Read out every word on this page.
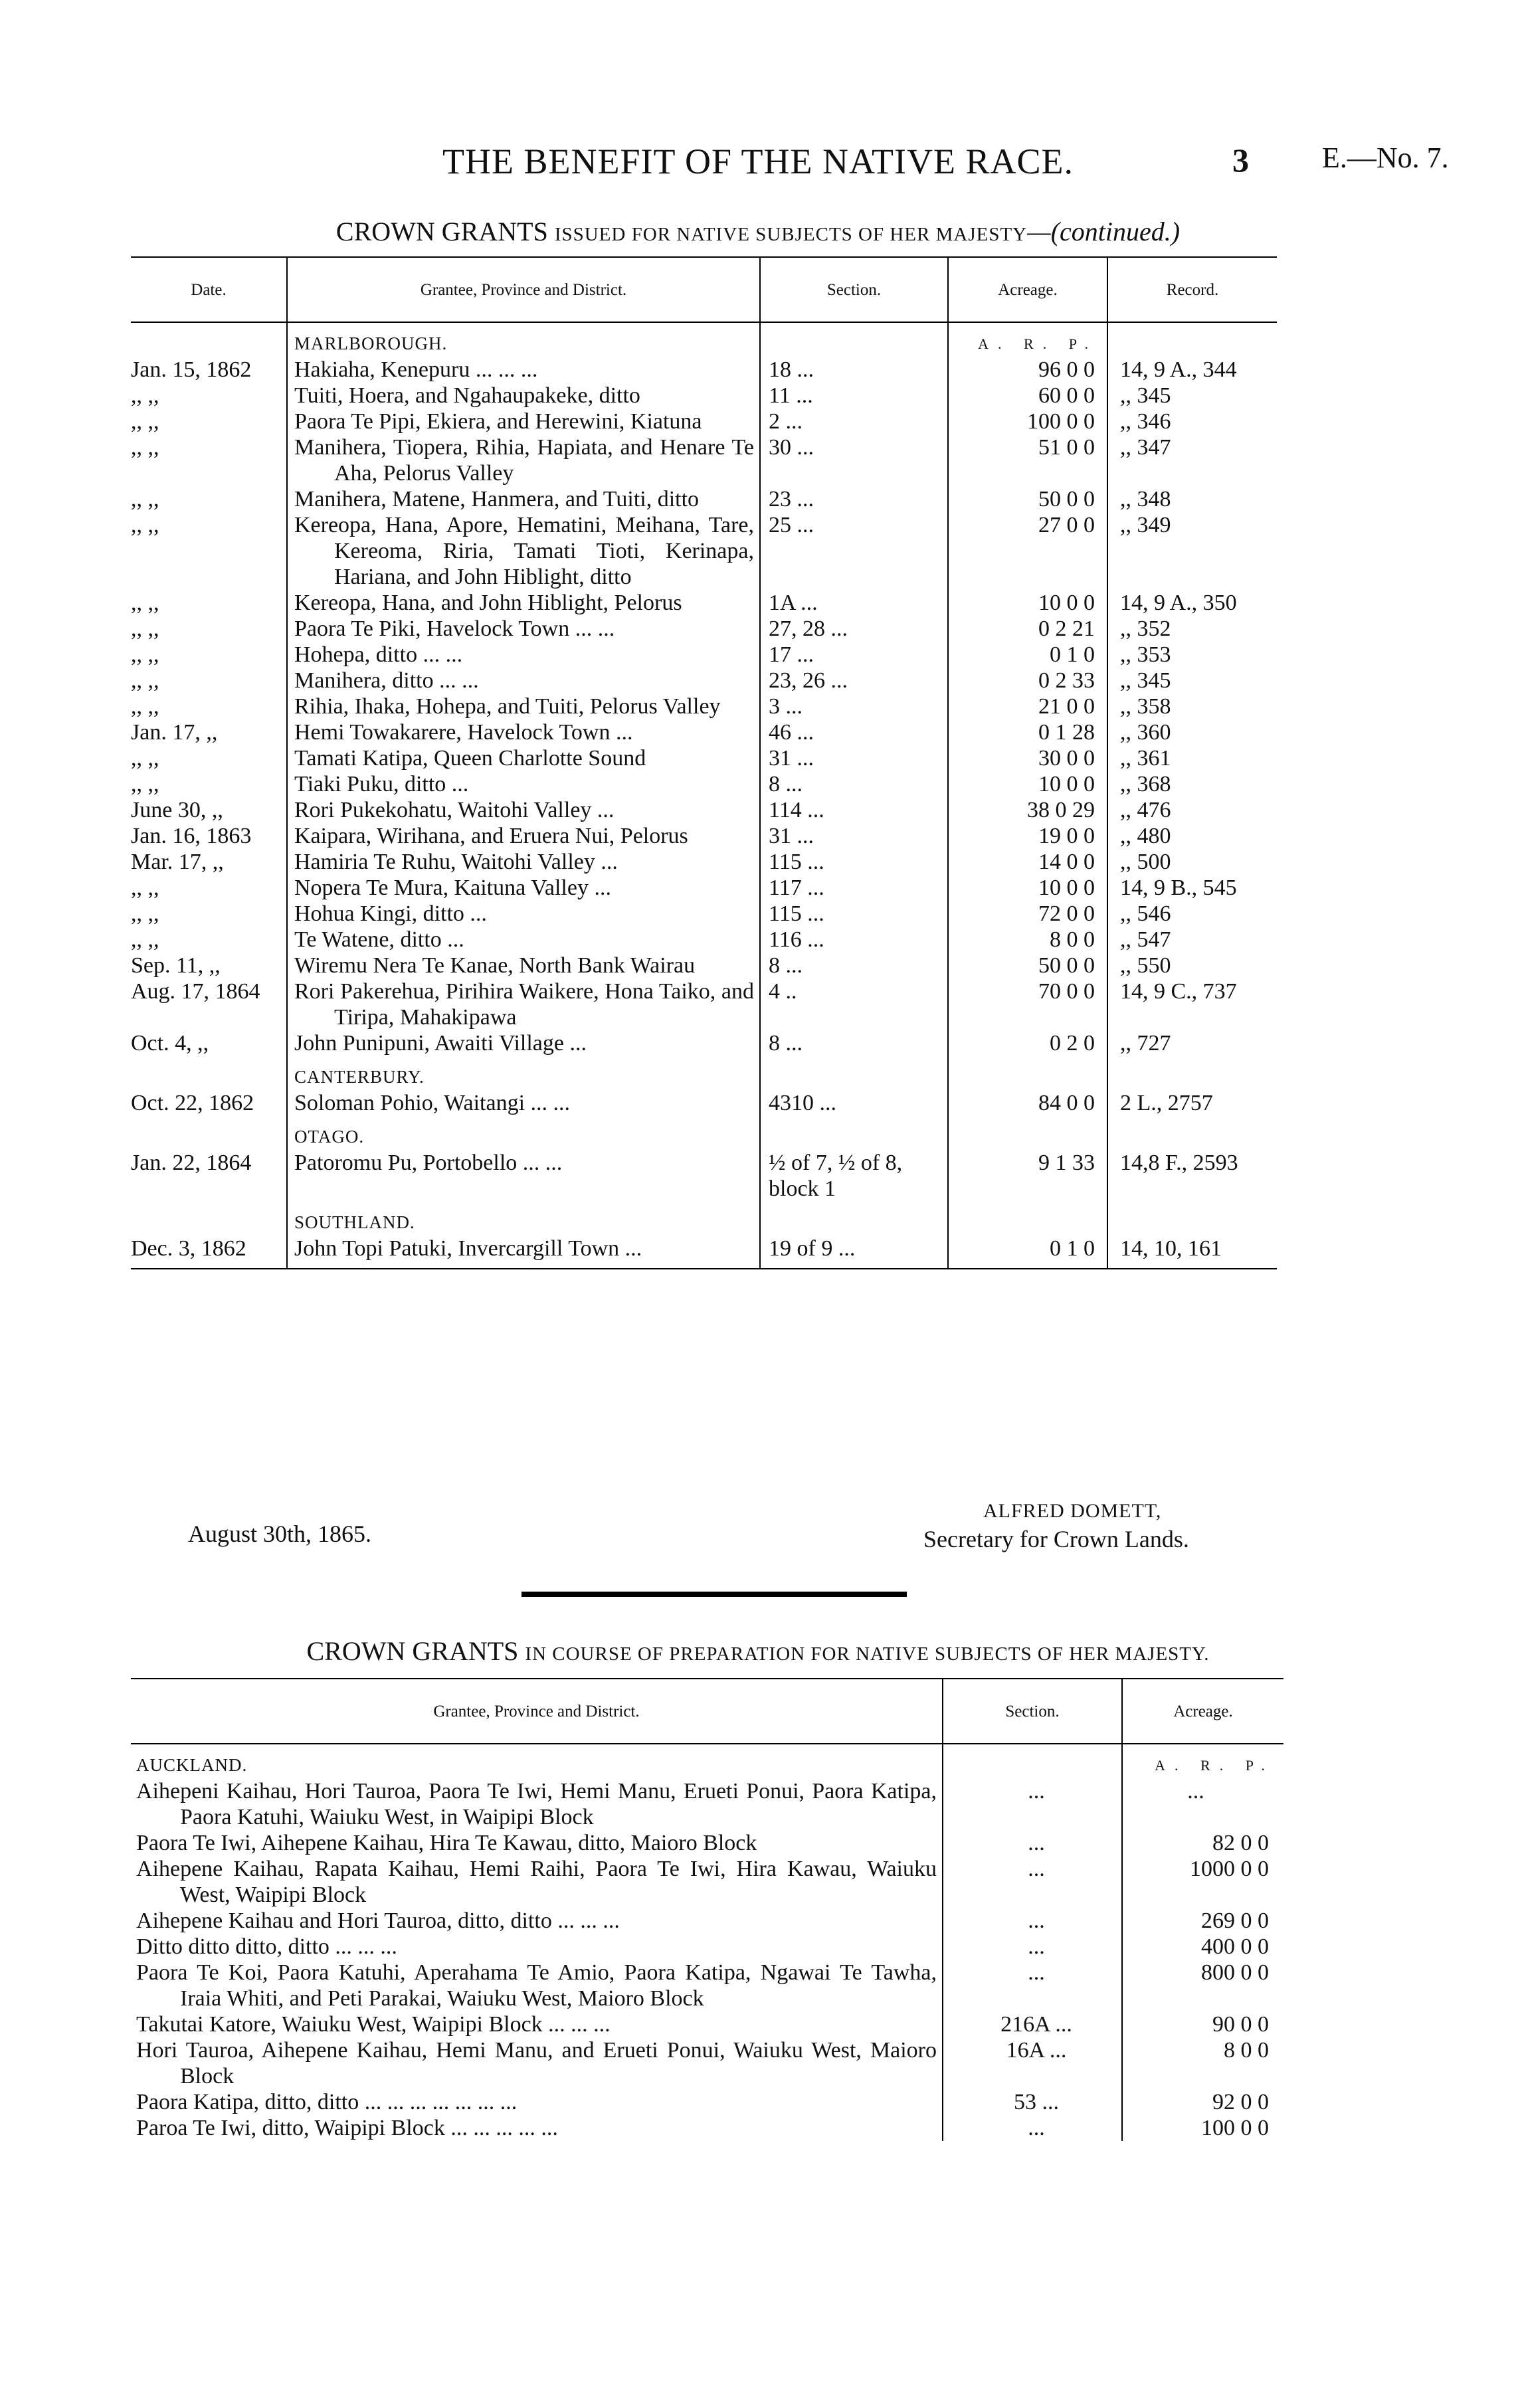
THE BENEFIT OF THE NATIVE RACE.	3	E.—No. 7.
CROWN GRANTS ISSUED FOR NATIVE SUBJECTS OF HER MAJESTY—(continued.)
Date.	Grantee, Province and District.	Section.	Acreage.	Record.
	MARLBOROUGH.		A. R. P.	
Jan. 15, 1862	Hakiaha, Kenepuru ... ... ...	18 ...	96 0 0	14, 9 A., 344
,, ,,	Tuiti, Hoera, and Ngahaupakeke, ditto	11 ...	60 0 0	,, 345
,, ,,	Paora Te Pipi, Ekiera, and Herewini, Kiatuna	2 ...	100 0 0	,, 346
,, ,,	Manihera, Tiopera, Rihia, Hapiata, and Henare Te Aha, Pelorus Valley	30 ...	51 0 0	,, 347
,, ,,	Manihera, Matene, Hanmera, and Tuiti, ditto	23 ...	50 0 0	,, 348
,, ,,	Kereopa, Hana, Apore, Hematini, Meihana, Tare, Kereoma, Riria, Tamati Tioti, Kerinapa, Hariana, and John Hiblight, ditto	25 ...	27 0 0	,, 349
,, ,,	Kereopa, Hana, and John Hiblight, Pelorus	1A ...	10 0 0	14, 9 A., 350
,, ,,	Paora Te Piki, Havelock Town ... ...	27, 28 ...	0 2 21	,, 352
,, ,,	Hohepa, ditto ... ...	17 ...	0 1 0	,, 353
,, ,,	Manihera, ditto ... ...	23, 26 ...	0 2 33	,, 345
,, ,,	Rihia, Ihaka, Hohepa, and Tuiti, Pelorus Valley	3 ...	21 0 0	,, 358
Jan. 17, ,,	Hemi Towakarere, Havelock Town ...	46 ...	0 1 28	,, 360
,, ,,	Tamati Katipa, Queen Charlotte Sound	31 ...	30 0 0	,, 361
,, ,,	Tiaki Puku, ditto ...	8 ...	10 0 0	,, 368
June 30, ,,	Rori Pukekohatu, Waitohi Valley ...	114 ...	38 0 29	,, 476
Jan. 16, 1863	Kaipara, Wirihana, and Eruera Nui, Pelorus	31 ...	19 0 0	,, 480
Mar. 17, ,,	Hamiria Te Ruhu, Waitohi Valley ...	115 ...	14 0 0	,, 500
,, ,,	Nopera Te Mura, Kaituna Valley ...	117 ...	10 0 0	14, 9 B., 545
,, ,,	Hohua Kingi, ditto ...	115 ...	72 0 0	,, 546
,, ,,	Te Watene, ditto ...	116 ...	8 0 0	,, 547
Sep. 11, ,,	Wiremu Nera Te Kanae, North Bank Wairau	8 ...	50 0 0	,, 550
Aug. 17, 1864	Rori Pakerehua, Pirihira Waikere, Hona Taiko, and Tiripa, Mahakipawa	4 ..	70 0 0	14, 9 C., 737
Oct. 4, ,,	John Punipuni, Awaiti Village ...	8 ...	0 2 0	,, 727
	CANTERBURY.			
Oct. 22, 1862	Soloman Pohio, Waitangi ... ...	4310 ...	84 0 0	2 L., 2757
	OTAGO.			
Jan. 22, 1864	Patoromu Pu, Portobello ... ...	½ of 7, ½ of 8, block 1	9 1 33	14,8 F., 2593
	SOUTHLAND.			
Dec. 3, 1862	John Topi Patuki, Invercargill Town ...	19 of 9 ...	0 1 0	14, 10, 161
August 30th, 1865.
ALFRED DOMETT,
Secretary for Crown Lands.
CROWN GRANTS IN COURSE OF PREPARATION FOR NATIVE SUBJECTS OF HER MAJESTY.
Grantee, Province and District.	Section.	Acreage.
AUCKLAND.		A. R. P.

Aihepeni Kaihau, Hori Tauroa, Paora Te Iwi, Hemi Manu, Erueti Ponui, Paora Katipa, Paora Katuhi, Waiuku West, in Waipipi Block	...	...

Paora Te Iwi, Aihepene Kaihau, Hira Te Kawau, ditto, Maioro Block	...	82 0 0

Aihepene Kaihau, Rapata Kaihau, Hemi Raihi, Paora Te Iwi, Hira Kawau, Waiuku West, Waipipi Block	...	1000 0 0

Aihepene Kaihau and Hori Tauroa, ditto, ditto ... ... ...	...	269 0 0

Ditto ditto ditto, ditto ... ... ...	...	400 0 0

Paora Te Koi, Paora Katuhi, Aperahama Te Amio, Paora Katipa, Ngawai Te Tawha, Iraia Whiti, and Peti Parakai, Waiuku West, Maioro Block	...	800 0 0

Takutai Katore, Waiuku West, Waipipi Block ... ... ...	216A ...	90 0 0

Hori Tauroa, Aihepene Kaihau, Hemi Manu, and Erueti Ponui, Waiuku West, Maioro Block	16A ...	8 0 0

Paora Katipa, ditto, ditto ... ... ... ... ... ... ...	53 ...	92 0 0

Paroa Te Iwi, ditto, Waipipi Block ... ... ... ... ...	...	100 0 0
